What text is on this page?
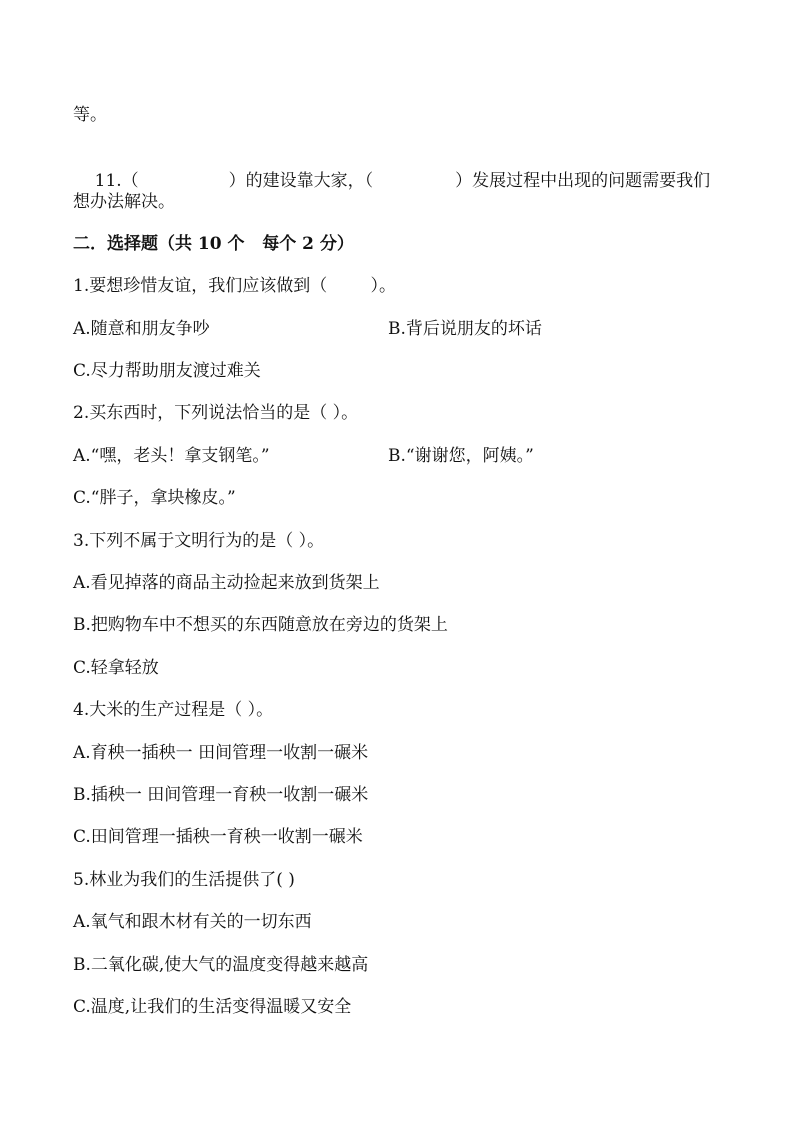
等。

11.（	）的建设靠大家，（	）发展过程中出现的问题需要我们

想办法解决。
二．选择题（共 10 个   每个 2 分）
1.要想珍惜友谊，我们应该做到（        ）。
A.随意和朋友争吵	B.背后说朋友的坏话
C.尽力帮助朋友渡过难关
2.买东西时，下列说法恰当的是（ ）。
A.“嘿，老头！拿支钢笔。”	B.“谢谢您，阿姨。”
C.“胖子，拿块橡皮。”
3.下列不属于文明行为的是（ ）。
A.看见掉落的商品主动捡起来放到货架上
B.把购物车中不想买的东西随意放在旁边的货架上
C.轻拿轻放
4.大米的生产过程是（ ）。
A.育秧一插秧一 田间管理一收割一碾米
B.插秧一 田间管理一育秧一收割一碾米
C.田间管理一插秧一育秧一收割一碾米
5.林业为我们的生活提供了( )
A.氧气和跟木材有关的一切东西
B.二氧化碳,使大气的温度变得越来越高
C.温度,让我们的生活变得温暖又安全
